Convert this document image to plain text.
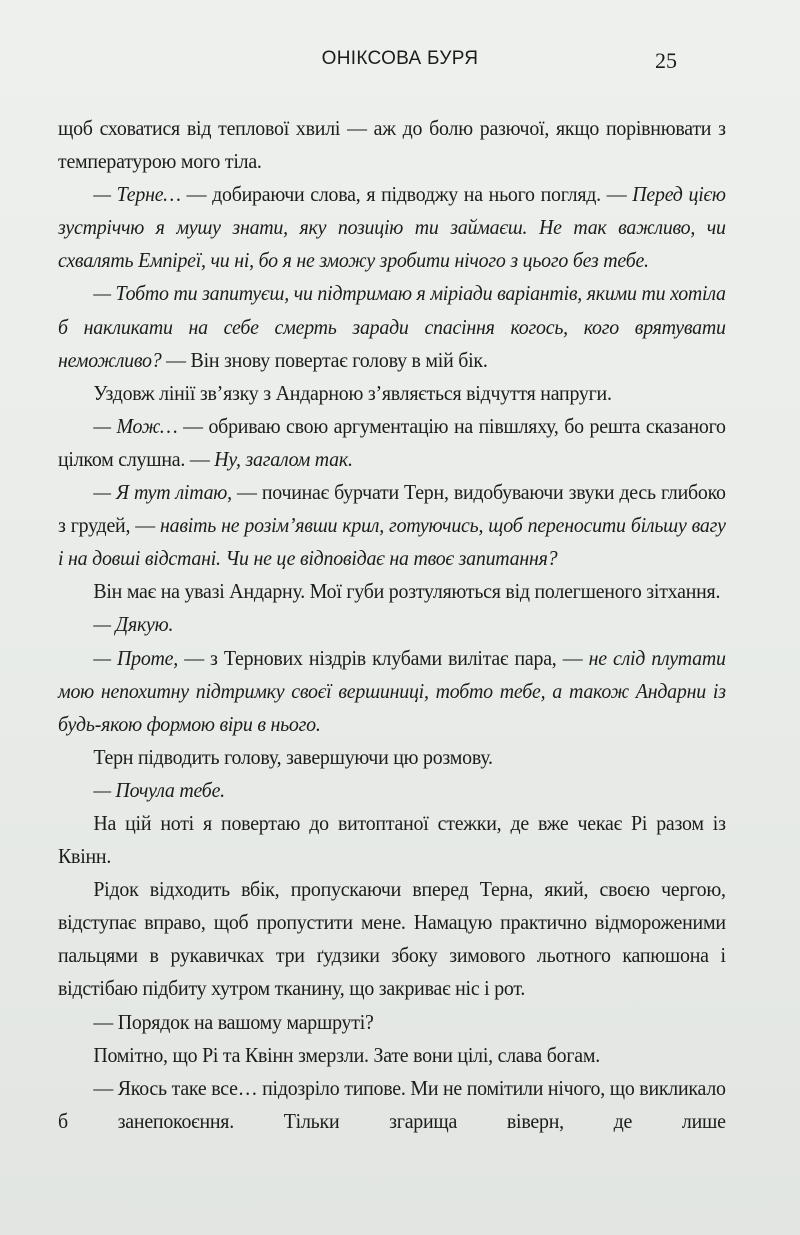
ОНІКСОВА БУРЯ	25

щоб сховатися від теплової хвилі — аж до болю разючої, якщо порівнювати з температурою мого тіла.

— Терне… — добираючи слова, я підводжу на нього погляд. — Перед цією зустріччю я мушу знати, яку позицію ти займаєш. Не так важливо, чи схвалять Емпіреї, чи ні, бо я не зможу зробити нічого з цього без тебе.

— Тобто ти запитуєш, чи підтримаю я міріади варіантів, якими ти хотіла б накликати на себе смерть заради спасіння когось, кого врятувати неможливо? — Він знову повертає голову в мій бік.

Уздовж лінії зв’язку з Андарною з’являється відчуття напруги.

— Мож… — обриваю свою аргументацію на півшляху, бо решта сказаного цілком слушна. — Ну, загалом так.

— Я тут літаю, — починає бурчати Терн, видобуваючи звуки десь глибоко з грудей, — навіть не розім’явши крил, готуючись, щоб переносити більшу вагу і на довші відстані. Чи не це відповідає на твоє запитання?

Він має на увазі Андарну. Мої губи розтуляються від полегшеного зітхання.

— Дякую.

— Проте, — з Тернових ніздрів клубами вилітає пара, — не слід плутати мою непохитну підтримку своєї вершиниці, тобто тебе, а також Андарни із будь-якою формою віри в нього.

Терн підводить голову, завершуючи цю розмову.

— Почула тебе.

На цій ноті я повертаю до витоптаної стежки, де вже чекає Рі разом із Квінн.

Рідок відходить вбік, пропускаючи вперед Терна, який, своєю чергою, відступає вправо, щоб пропустити мене. Намацую практично відмороженими пальцями в рукавичках три ґудзики збоку зимового льотного капюшона і відстібаю підбиту хутром тканину, що закриває ніс і рот.

— Порядок на вашому маршруті?

Помітно, що Рі та Квінн змерзли. Зате вони цілі, слава богам.

— Якось таке все… підозріло типове. Ми не помітили нічого, що викликало б занепокоєння. Тільки згарища віверн, де лише
